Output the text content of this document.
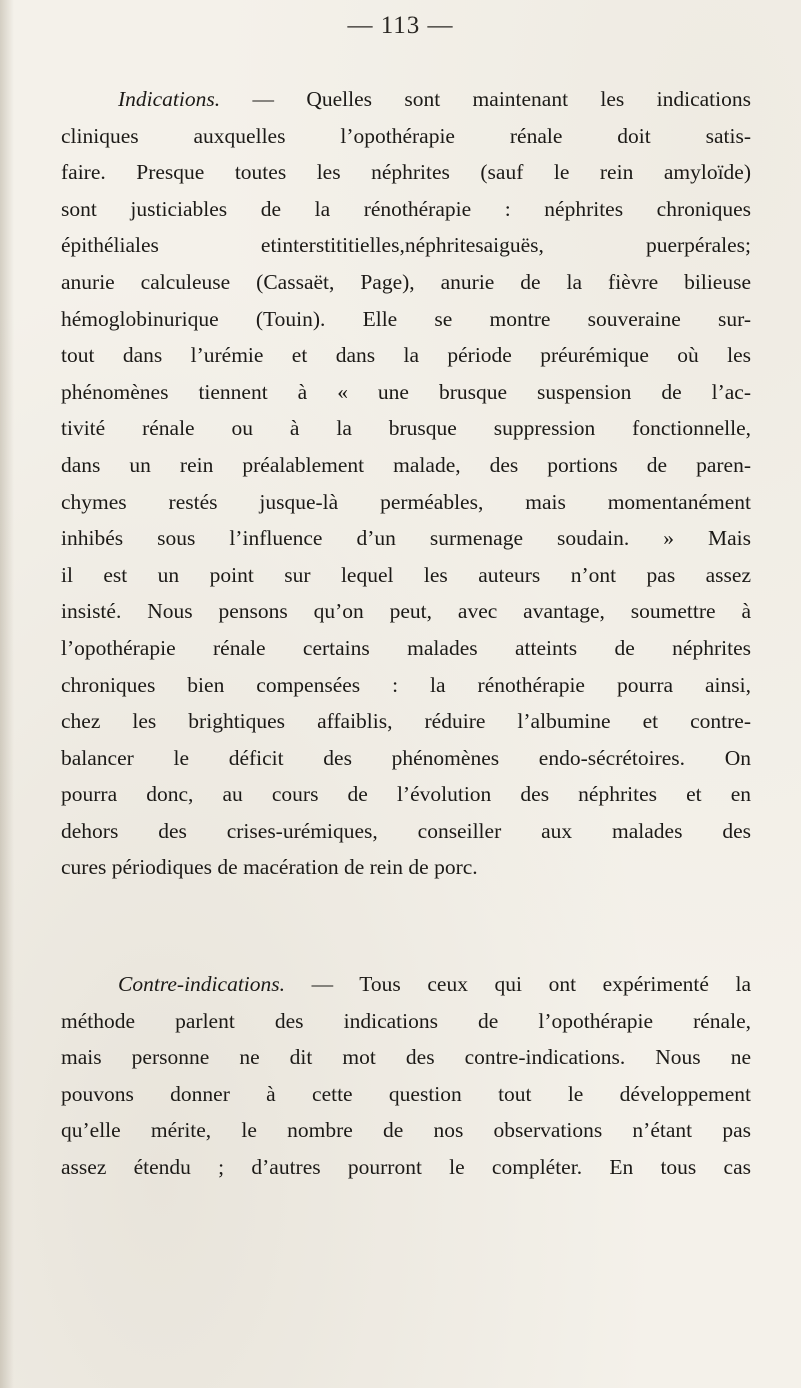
— 113 —
Indications. — Quelles sont maintenant les indications
cliniques auxquelles l’opothérapie rénale doit satis-
faire. Presque toutes les néphrites (sauf le rein amyloïde)
sont justiciables de la rénothérapie : néphrites chroniques
épithéliales etinterstititielles,néphritesaiguës, puerpérales;
anurie calculeuse (Cassaët, Page), anurie de la fièvre bilieuse
hémoglobinurique (Touin). Elle se montre souveraine sur-
tout dans l’urémie et dans la période préurémique où les
phénomènes tiennent à « une brusque suspension de l’ac-
tivité rénale ou à la brusque suppression fonctionnelle,
dans un rein préalablement malade, des portions de paren-
chymes restés jusque-là perméables, mais momentanément
inhibés sous l’influence d’un surmenage soudain. » Mais
il est un point sur lequel les auteurs n’ont pas assez
insisté. Nous pensons qu’on peut, avec avantage, soumettre à
l’opothérapie rénale certains malades atteints de néphrites
chroniques bien compensées : la rénothérapie pourra ainsi,
chez les brightiques affaiblis, réduire l’albumine et contre-
balancer le déficit des phénomènes endo-sécrétoires. On
pourra donc, au cours de l’évolution des néphrites et en
dehors des crises-urémiques, conseiller aux malades des
cures périodiques de macération de rein de porc.
Contre-indications. — Tous ceux qui ont expérimenté la
méthode parlent des indications de l’opothérapie rénale,
mais personne ne dit mot des contre-indications. Nous ne
pouvons donner à cette question tout le développement
qu’elle mérite, le nombre de nos observations n’étant pas
assez étendu ; d’autres pourront le compléter. En tous cas
